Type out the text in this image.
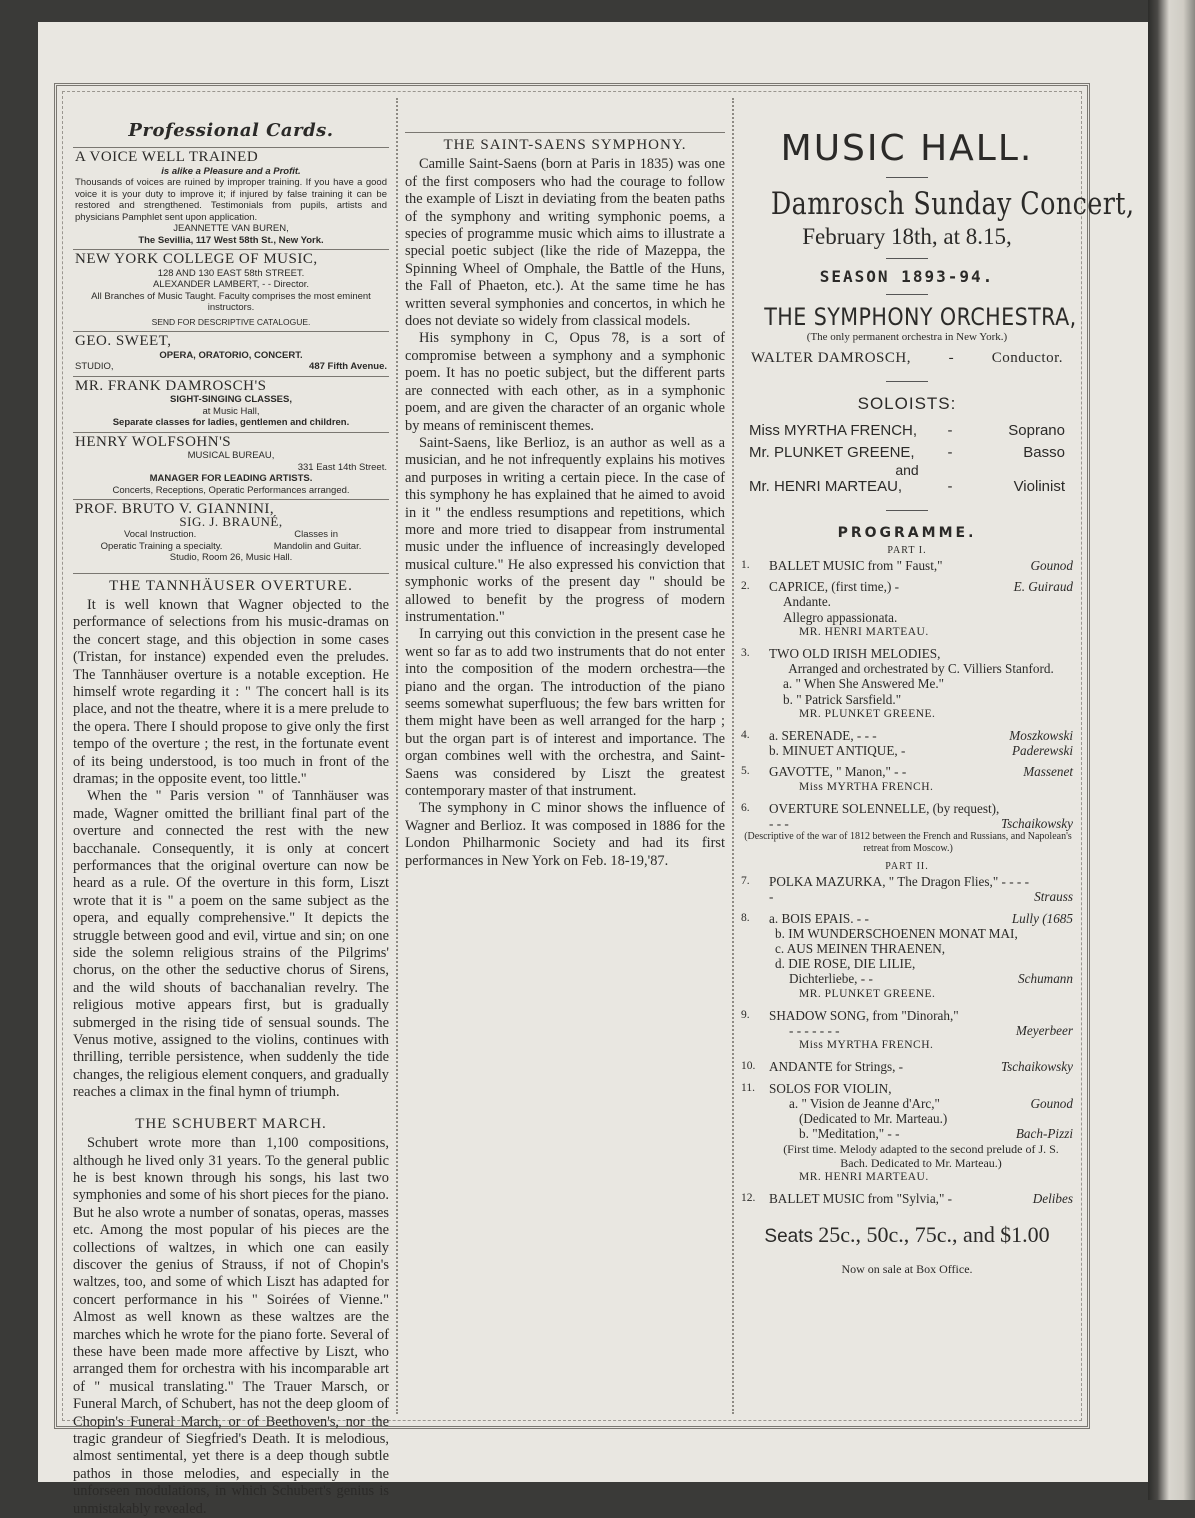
Professional Cards.
A VOICE WELL TRAINED
is alike a Pleasure and a Profit.
Thousands of voices are ruined by improper training. If you have a good voice it is your duty to improve it; if injured by false training it can be restored and strengthened. Testimonials from pupils, artists and physicians Pamphlet sent upon application.
JEANNETTE VAN BUREN,
The Sevillia, 117 West 58th St., New York.
NEW YORK COLLEGE OF MUSIC,
128 AND 130 EAST 58th STREET.
ALEXANDER LAMBERT, - - Director.
All Branches of Music Taught. Faculty comprises the most eminent instructors.
SEND FOR DESCRIPTIVE CATALOGUE.
GEO. SWEET,
OPERA, ORATORIO, CONCERT.
STUDIO,	487 Fifth Avenue.
MR. FRANK DAMROSCH'S
SIGHT-SINGING CLASSES,
at Music Hall,
Separate classes for ladies, gentlemen and children.
HENRY WOLFSOHN'S
MUSICAL BUREAU,
331 East 14th Street.
MANAGER FOR LEADING ARTISTS.
Concerts, Receptions, Operatic Performances arranged.
PROF. BRUTO V. GIANNINI,
SIG. J. BRAUNÉ,
Vocal Instruction.	Classes in
Operatic Training a specialty.	Mandolin and Guitar.
Studio, Room 26, Music Hall.

THE TANNHÄUSER OVERTURE.

It is well known that Wagner objected to the performance of selections from his music-dramas on the concert stage, and this objection in some cases (Tristan, for instance) expended even the preludes. The Tannhäuser overture is a notable exception. He himself wrote regarding it : " The concert hall is its place, and not the theatre, where it is a mere prelude to the opera. There I should propose to give only the first tempo of the overture ; the rest, in the fortunate event of its being understood, is too much in front of the dramas; in the opposite event, too little."

When the " Paris version " of Tannhäuser was made, Wagner omitted the brilliant final part of the overture and connected the rest with the new bacchanale. Consequently, it is only at concert performances that the original overture can now be heard as a rule. Of the overture in this form, Liszt wrote that it is " a poem on the same subject as the opera, and equally comprehensive." It depicts the struggle between good and evil, virtue and sin; on one side the solemn religious strains of the Pilgrims' chorus, on the other the seductive chorus of Sirens, and the wild shouts of bacchanalian revelry. The religious motive appears first, but is gradually submerged in the rising tide of sensual sounds. The Venus motive, assigned to the violins, continues with thrilling, terrible persistence, when suddenly the tide changes, the religious element conquers, and gradually reaches a climax in the final hymn of triumph.

THE SCHUBERT MARCH.

Schubert wrote more than 1,100 compositions, although he lived only 31 years. To the general public he is best known through his songs, his last two symphonies and some of his short pieces for the piano. But he also wrote a number of sonatas, operas, masses etc. Among the most popular of his pieces are the collections of waltzes, in which one can easily discover the genius of Strauss, if not of Chopin's waltzes, too, and some of which Liszt has adapted for concert performance in his " Soirées of Vienne." Almost as well known as these waltzes are the marches which he wrote for the piano forte. Several of these have been made more affective by Liszt, who arranged them for orchestra with his incomparable art of " musical translating." The Trauer Marsch, or Funeral March, of Schubert, has not the deep gloom of Chopin's Funeral March, or of Beethoven's, nor the tragic grandeur of Siegfried's Death. It is melodious, almost sentimental, yet there is a deep though subtle pathos in those melodies, and especially in the unforseen modulations, in which Schubert's genius is unmistakably revealed.

THE SAINT-SAENS SYMPHONY.

Camille Saint-Saens (born at Paris in 1835) was one of the first composers who had the courage to follow the example of Liszt in deviating from the beaten paths of the symphony and writing symphonic poems, a species of programme music which aims to illustrate a special poetic subject (like the ride of Mazeppa, the Spinning Wheel of Omphale, the Battle of the Huns, the Fall of Phaeton, etc.). At the same time he has written several symphonies and concertos, in which he does not deviate so widely from classical models.

His symphony in C, Opus 78, is a sort of compromise between a symphony and a symphonic poem. It has no poetic subject, but the different parts are connected with each other, as in a symphonic poem, and are given the character of an organic whole by means of reminiscent themes.

Saint-Saens, like Berlioz, is an author as well as a musician, and he not infrequently explains his motives and purposes in writing a certain piece. In the case of this symphony he has explained that he aimed to avoid in it " the endless resumptions and repetitions, which more and more tried to disappear from instrumental music under the influence of increasingly developed musical culture." He also expressed his conviction that symphonic works of the present day " should be allowed to benefit by the progress of modern instrumentation."

In carrying out this conviction in the present case he went so far as to add two instruments that do not enter into the composition of the modern orchestra—the piano and the organ. The introduction of the piano seems somewhat superfluous; the few bars written for them might have been as well arranged for the harp ; but the organ part is of interest and importance. The organ combines well with the orchestra, and Saint-Saens was considered by Liszt the greatest contemporary master of that instrument.

The symphony in C minor shows the influence of Wagner and Berlioz. It was composed in 1886 for the London Philharmonic Society and had its first performances in New York on Feb. 18-19,'87.

MUSIC HALL.
Damrosch Sunday Concert,
February 18th, at 8.15,
SEASON 1893-94.
THE SYMPHONY ORCHESTRA,
(The only permanent orchestra in New York.)
WALTER DAMROSCH,	-	Conductor.
SOLOISTS:
Miss MYRTHA FRENCH,	-	Soprano
Mr. PLUNKET GREENE,	-	Basso
and
Mr. HENRI MARTEAU,	-	Violinist
PROGRAMME.
PART I.
1.	BALLET MUSIC from " Faust,"	Gounod
2.	CAPRICE, (first time,) -	E. Guiraud
Andante.
Allegro appassionata.
MR. HENRI MARTEAU.
3.	TWO OLD IRISH MELODIES,
Arranged and orchestrated by C. Villiers Stanford.
a. " When She Answered Me."
b. " Patrick Sarsfield."
MR. PLUNKET GREENE.
4.	a. SERENADE, - - -	Moszkowski
b. MINUET ANTIQUE, -	Paderewski
5.	GAVOTTE, " Manon," - -	Massenet
Miss MYRTHA FRENCH.
6.	OVERTURE SOLENNELLE, (by request), - - -	Tschaikowsky
(Descriptive of the war of 1812 between the French and Russians, and Napolean's retreat from Moscow.)
PART II.
7.	POLKA MAZURKA, " The Dragon Flies," - - - - -	Strauss
8.	a. BOIS EPAIS. - -	Lully (1685
b. IM WUNDERSCHOENEN MONAT MAI,
c. AUS MEINEN THRAENEN,
d. DIE ROSE, DIE LILIE,
Dichterliebe, - -	Schumann
MR. PLUNKET GREENE.
9.	SHADOW SONG, from "Dinorah,"
- - - - - - -	Meyerbeer
Miss MYRTHA FRENCH.
10.	ANDANTE for Strings, -	Tschaikowsky
11.	SOLOS FOR VIOLIN,
a. " Vision de Jeanne d'Arc,"	Gounod
(Dedicated to Mr. Marteau.)
b. "Meditation," - -	Bach-Pizzi
(First time. Melody adapted to the second prelude of J. S. Bach. Dedicated to Mr. Marteau.)
MR. HENRI MARTEAU.
12.	BALLET MUSIC from "Sylvia," -	Delibes
Seats 25c., 50c., 75c., and $1.00
Now on sale at Box Office.
